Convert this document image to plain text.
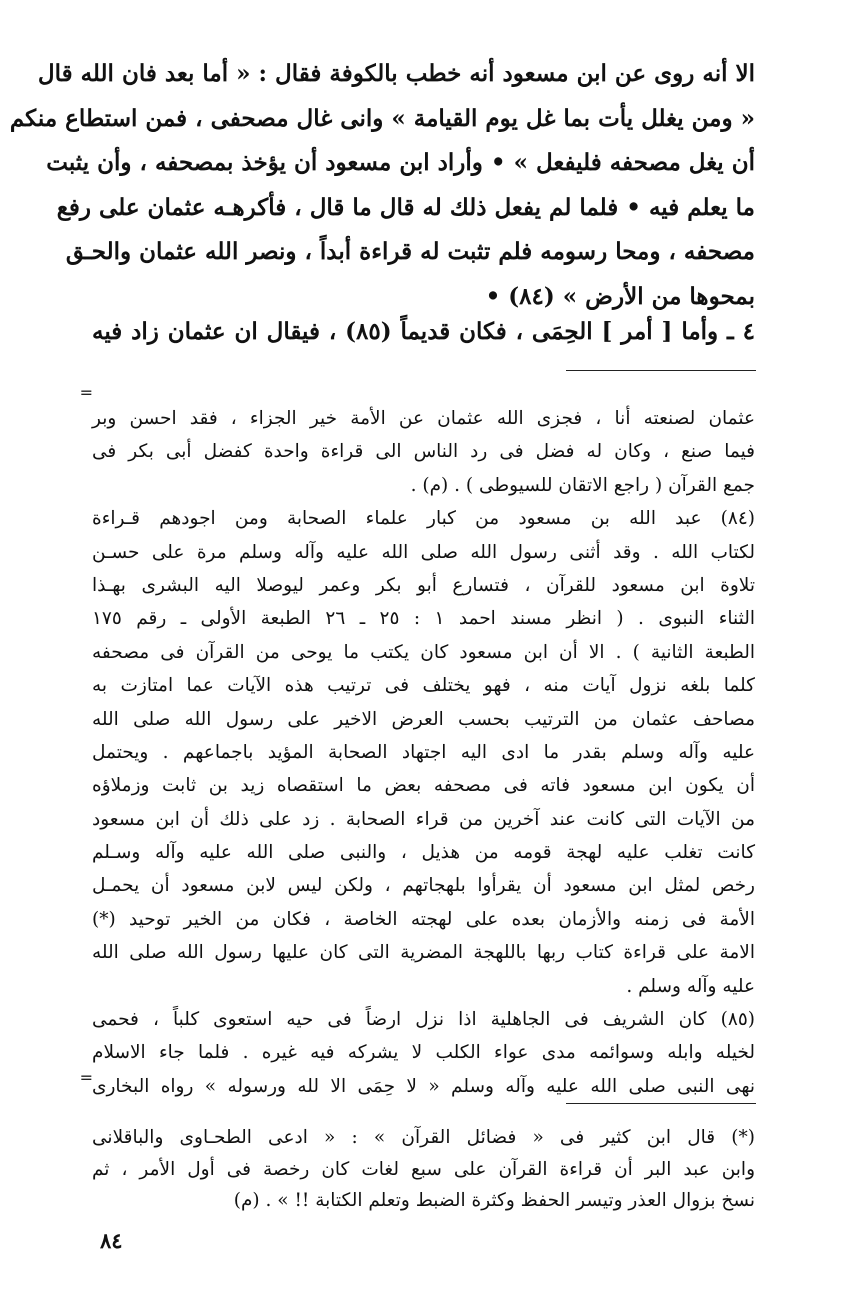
الا أنه روى عن ابن مسعود أنه خطب بالكوفة فقال : « أما بعد فان الله قال
« ومن يغلل يأت بما غل يوم القيامة » وانى غال مصحفى ، فمن استطاع منكم
أن يغل مصحفه فليفعل » • وأراد ابن مسعود أن يؤخذ بمصحفه ، وأن يثبت
ما يعلم فيه • فلما لم يفعل ذلك له قال ما قال ، فأكرهـه عثمان على رفع
مصحفه ، ومحا رسومه فلم تثبت له قراءة أبداً ، ونصر الله عثمان والحـق
بمحوها من الأرض » (٨٤) •
٤ ـ وأما [ أمر ] الحِمَى ، فكان قديماً (٨٥) ، فيقال ان عثمان زاد فيه
=
عثمان لصنعته أنا ، فجزى الله عثمان عن الأمة خير الجزاء ، فقد احسن وبر
فيما صنع ، وكان له فضل فى رد الناس الى قراءة واحدة كفضل أبى بكر فى
جمع القرآن ( راجع الاتقان للسيوطى ) . (م) .
(٨٤) عبد الله بن مسعود من كبار علماء الصحابة ومن اجودهم قـراءة
لكتاب الله . وقد أثنى رسول الله صلى الله عليه وآله وسلم مرة على حسـن
تلاوة ابن مسعود للقرآن ، فتسارع أبو بكر وعمر ليوصلا اليه البشرى بهـذا
الثناء النبوى . ( انظر مسند احمد ١ : ٢٥ ـ ٢٦ الطبعة الأولى ـ رقم ١٧٥
الطبعة الثانية ) . الا أن ابن مسعود كان يكتب ما يوحى من القرآن فى مصحفه
كلما بلغه نزول آيات منه ، فهو يختلف فى ترتيب هذه الآيات عما امتازت به
مصاحف عثمان من الترتيب بحسب العرض الاخير على رسول الله صلى الله
عليه وآله وسلم بقدر ما ادى اليه اجتهاد الصحابة المؤيد باجماعهم . ويحتمل
أن يكون ابن مسعود فاته فى مصحفه بعض ما استقصاه زيد بن ثابت وزملاؤه
من الآيات التى كانت عند آخرين من قراء الصحابة . زد على ذلك أن ابن مسعود
كانت تغلب عليه لهجة قومه من هذيل ، والنبى صلى الله عليه وآله وسـلم
رخص لمثل ابن مسعود أن يقرأوا بلهجاتهم ، ولكن ليس لابن مسعود أن يحمـل
الأمة فى زمنه والأزمان بعده على لهجته الخاصة ، فكان من الخير توحيد (*)
الامة على قراءة كتاب ربها باللهجة المضرية التى كان عليها رسول الله صلى الله
عليه وآله وسلم .
(٨٥) كان الشريف فى الجاهلية اذا نزل ارضاً فى حيه استعوى كلباً ، فحمى
لخيله وابله وسوائمه مدى عواء الكلب لا يشركه فيه غيره . فلما جاء الاسلام
نهى النبى صلى الله عليه وآله وسلم « لا حِمَى الا لله ورسوله » رواه البخارى
=
(*) قال ابن كثير فى « فضائل القرآن » : « ادعى الطحـاوى والباقلانى
وابن عبد البر أن قراءة القرآن على سبع لغات كان رخصة فى أول الأمر ، ثم
نسخ بزوال العذر وتيسر الحفظ وكثرة الضبط وتعلم الكتابة !! » . (م)
٨٤
